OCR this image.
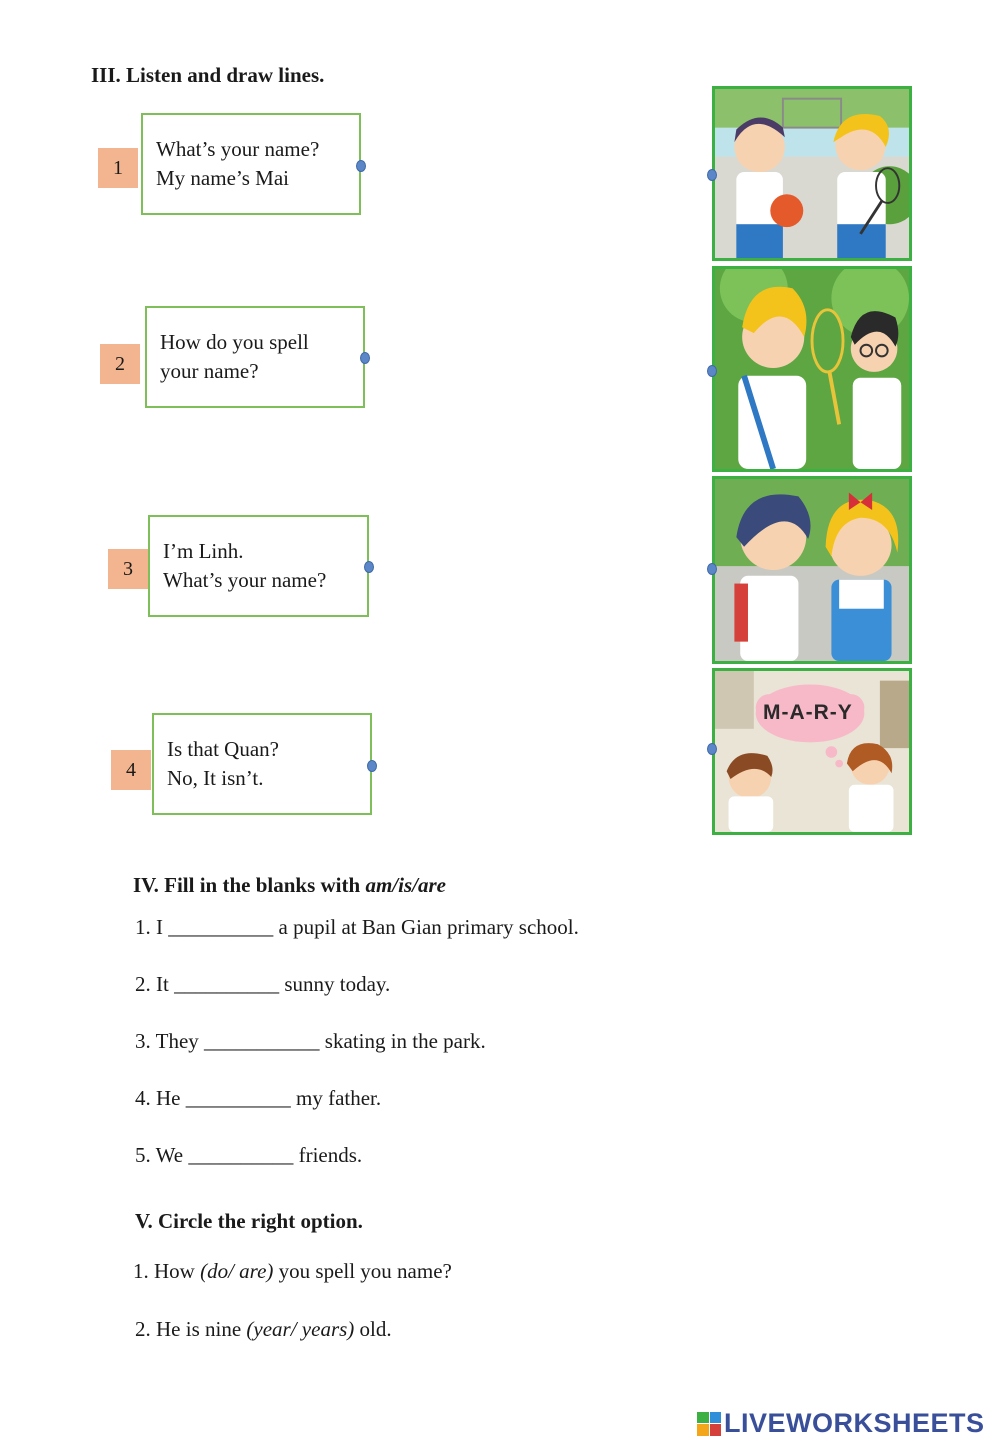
III. Listen and draw lines.
1
What’s your name?
My name’s Mai
2
How do you spell
your name?
3
I’m Linh.
What’s your name?
4
Is that Quan?
No, It isn’t.
M-A-R-Y
IV. Fill in the blanks with am/is/are
1. I __________ a pupil at Ban Gian primary school.
2. It __________ sunny today.
3. They ___________ skating in the park.
4. He __________ my father.
5. We __________ friends.
V. Circle the right option.
1. How (do/ are) you spell you name?
2. He is nine (year/ years) old.
LIVEWORKSHEETS
